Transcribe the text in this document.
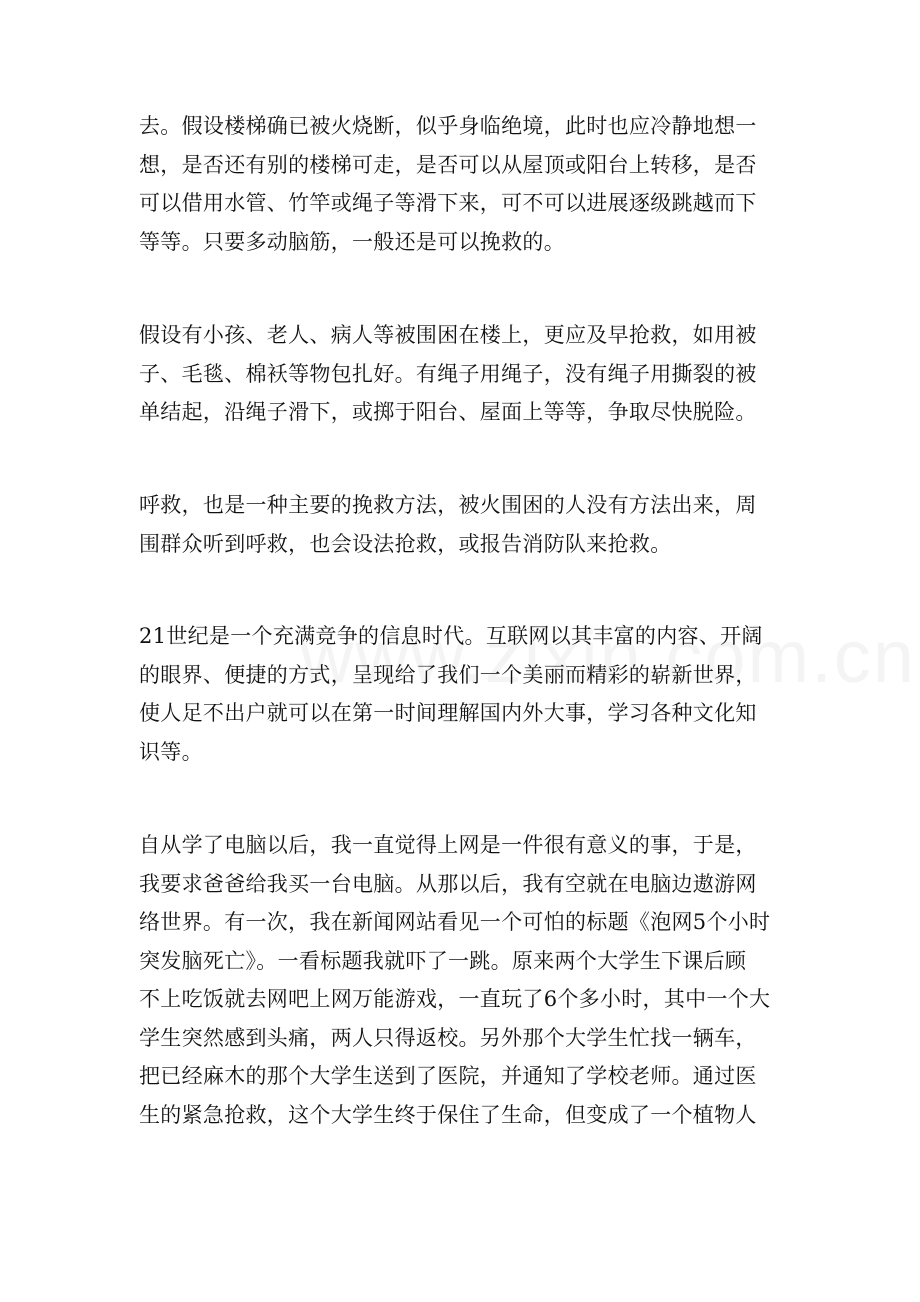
去。假设楼梯确已被火烧断，似乎身临绝境，此时也应冷静地想一
想，是否还有别的楼梯可走，是否可以从屋顶或阳台上转移，是否
可以借用水管、竹竿或绳子等滑下来，可不可以进展逐级跳越而下
等等。只要多动脑筋，一般还是可以挽救的。

假设有小孩、老人、病人等被围困在楼上，更应及早抢救，如用被
子、毛毯、棉袄等物包扎好。有绳子用绳子，没有绳子用撕裂的被
单结起，沿绳子滑下，或掷于阳台、屋面上等等，争取尽快脱险。

呼救，也是一种主要的挽救方法，被火围困的人没有方法出来，周
围群众听到呼救，也会设法抢救，或报告消防队来抢救。

21世纪是一个充满竞争的信息时代。互联网以其丰富的内容、开阔
的眼界、便捷的方式，呈现给了我们一个美丽而精彩的崭新世界，
使人足不出户就可以在第一时间理解国内外大事，学习各种文化知
识等。

自从学了电脑以后，我一直觉得上网是一件很有意义的事，于是，
我要求爸爸给我买一台电脑。从那以后，我有空就在电脑边遨游网
络世界。有一次，我在新闻网站看见一个可怕的标题《泡网5个小时
突发脑死亡》。一看标题我就吓了一跳。原来两个大学生下课后顾
不上吃饭就去网吧上网万能游戏，一直玩了6个多小时，其中一个大
学生突然感到头痛，两人只得返校。另外那个大学生忙找一辆车，
把已经麻木的那个大学生送到了医院，并通知了学校老师。通过医
生的紧急抢救，这个大学生终于保住了生命，但变成了一个植物人
